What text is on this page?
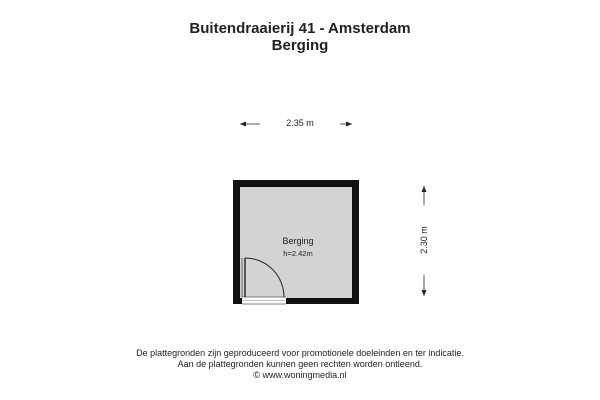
Buitendraaierij 41 - Amsterdam
Berging
2.35 m
2.30 m
Berging
h=2.42m
De plattegronden zijn geproduceerd voor promotionele doeleinden en ter indicatie.
Aan de plattegronden kunnen geen rechten worden ontleend.
© www.woningmedia.nl
